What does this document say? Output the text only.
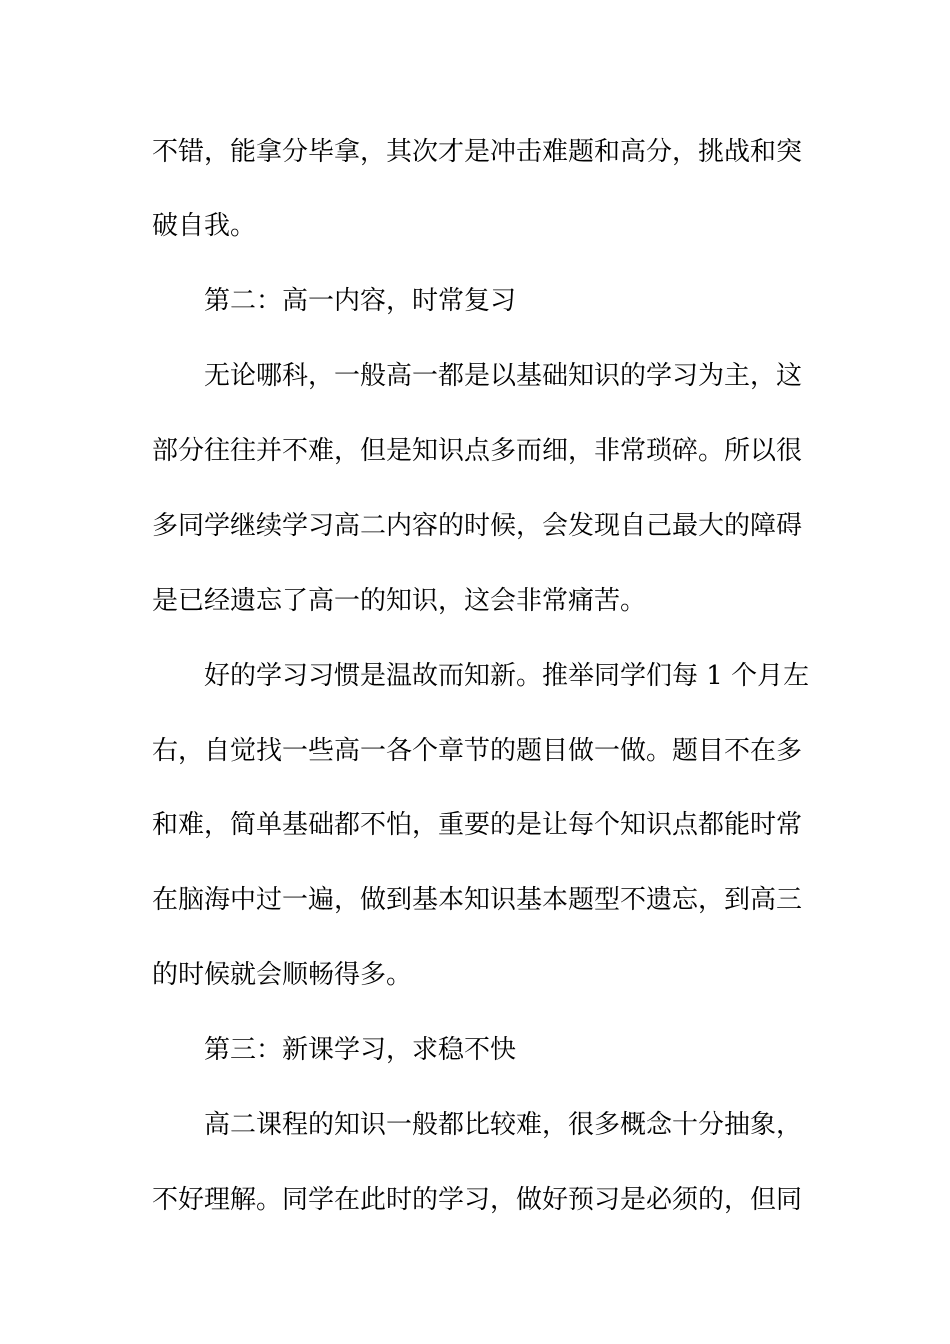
不错，能拿分毕拿，其次才是冲击难题和高分，挑战和突
破自我。
第二：高一内容，时常复习
无论哪科，一般高一都是以基础知识的学习为主，这
部分往往并不难，但是知识点多而细，非常琐碎。所以很
多同学继续学习高二内容的时候，会发现自己最大的障碍
是已经遗忘了高一的知识，这会非常痛苦。
好的学习习惯是温故而知新。推举同学们每 1 个月左
右，自觉找一些高一各个章节的题目做一做。题目不在多
和难，简单基础都不怕，重要的是让每个知识点都能时常
在脑海中过一遍，做到基本知识基本题型不遗忘，到高三
的时候就会顺畅得多。
第三：新课学习，求稳不快
高二课程的知识一般都比较难，很多概念十分抽象，
不好理解。同学在此时的学习，做好预习是必须的，但同
